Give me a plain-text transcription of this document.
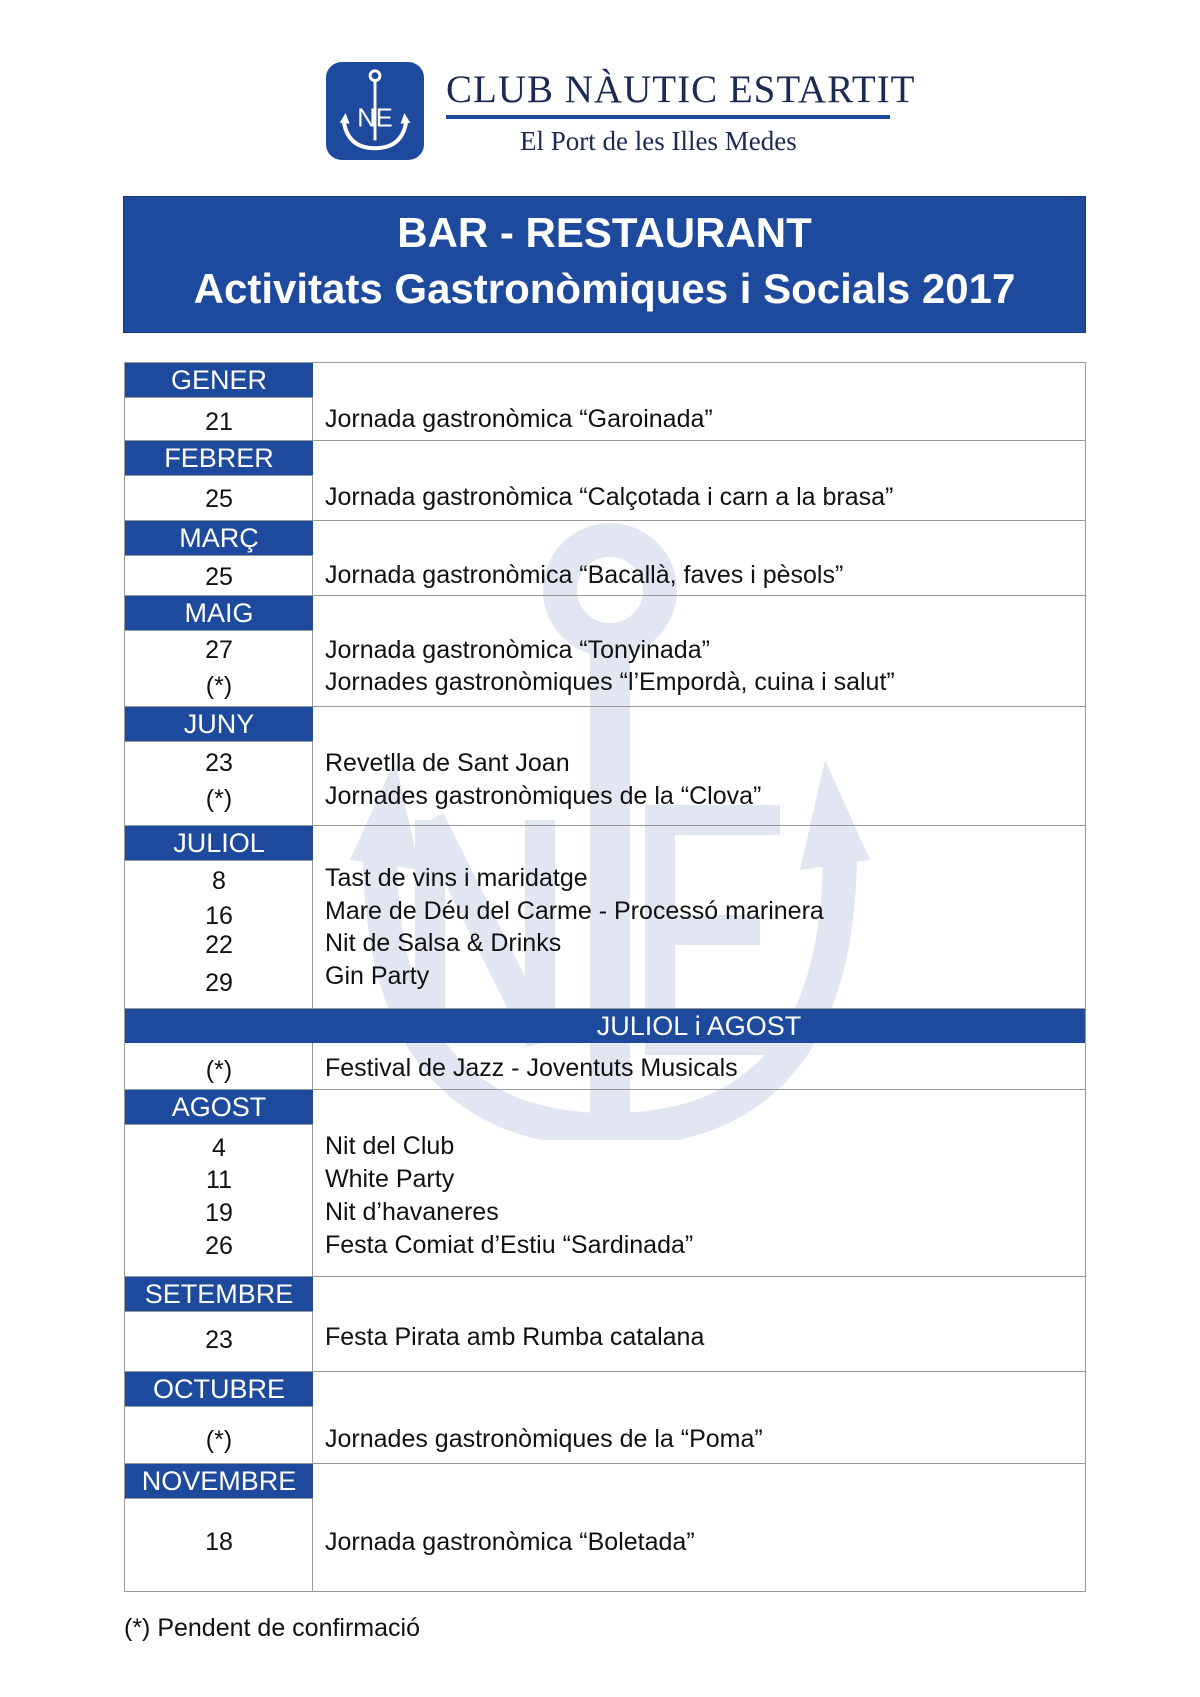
NE
CLUB NÀUTIC ESTARTIT
El Port de les Illes Medes
BAR - RESTAURANT
Activitats Gastronòmiques i Socials 2017
GENER
21	Jornada gastronòmica “Garoinada”
FEBRER
25	Jornada gastronòmica “Calçotada i carn a la brasa”
MARÇ
25	Jornada gastronòmica “Bacallà, faves i pèsols”
MAIG
27	Jornada gastronòmica “Tonyinada”
(*)	Jornades gastronòmiques “l’Empordà, cuina i salut”
JUNY
23	Revetlla de Sant Joan
(*)	Jornades gastronòmiques de la “Clova”
JULIOL
8	Tast de vins i maridatge
16	Mare de Déu del Carme - Processó marinera
22	Nit de Salsa & Drinks
29	Gin Party
JULIOL i AGOST
(*)	Festival de Jazz - Joventuts Musicals
AGOST
4	Nit del Club
11	White Party
19	Nit d’havaneres
26	Festa Comiat d’Estiu “Sardinada”
SETEMBRE
23	Festa Pirata amb Rumba catalana
OCTUBRE
(*)	Jornades gastronòmiques de la “Poma”
NOVEMBRE
18	Jornada gastronòmica “Boletada”
(*) Pendent de confirmació
